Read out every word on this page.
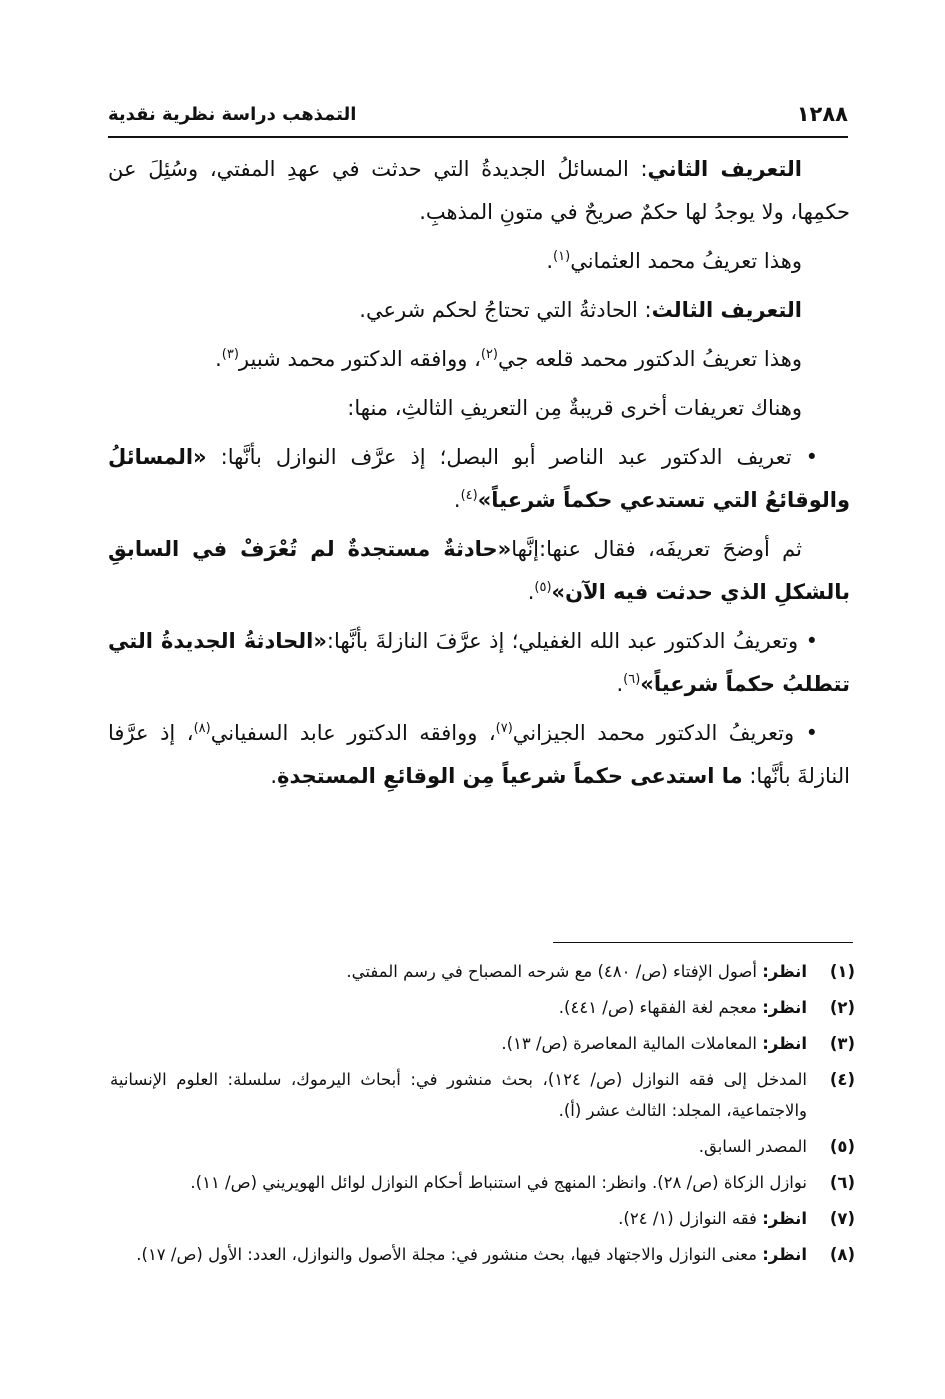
١٢٨٨
التمذهب دراسة نظرية نقدية

التعريف الثاني: المسائلُ الجديدةُ التي حدثت في عهدِ المفتي، وسُئِلَ عن حكمِها، ولا يوجدُ لها حكمٌ صريحٌ في متونِ المذهبِ.

وهذا تعريفُ محمد العثماني$^{(١)}$.

التعريف الثالث: الحادثةُ التي تحتاجُ لحكم شرعي.

وهذا تعريفُ الدكتور محمد قلعه جي$^{(٢)}$، ووافقه الدكتور محمد شبير$^{(٣)}$.

وهناك تعريفات أخرى قريبةٌ مِن التعريفِ الثالثِ، منها:

• تعريف الدكتور عبد الناصر أبو البصل؛ إذ عرَّف النوازل بأنَّها: «المسائلُ والوقائعُ التي تستدعي حكماً شرعياً»$^{(٤)}$.

ثم أوضحَ تعريفَه، فقال عنها:إنَّها«حادثةٌ مستجدةٌ لم تُعْرَفْ في السابقِ بالشكلِ الذي حدثت فيه الآن»$^{(٥)}$.

• وتعريفُ الدكتور عبد الله الغفيلي؛ إذ عرَّفَ النازلةَ بأنَّها:«الحادثةُ الجديدةُ التي تتطلبُ حكماً شرعياً»$^{(٦)}$.

• وتعريفُ الدكتور محمد الجيزاني$^{(٧)}$، ووافقه الدكتور عابد السفياني$^{(٨)}$، إذ عرَّفا النازلةَ بأنَّها: ما استدعى حكماً شرعياً مِن الوقائعِ المستجدةِ.

(١)
انظر: أصول الإفتاء (ص/ ٤٨٠) مع شرحه المصباح في رسم المفتي.
(٢)
انظر: معجم لغة الفقهاء (ص/ ٤٤١).
(٣)
انظر: المعاملات المالية المعاصرة (ص/ ١٣).
(٤)
المدخل إلى فقه النوازل (ص/ ١٢٤)، بحث منشور في: أبحاث اليرموك، سلسلة: العلوم الإنسانية والاجتماعية، المجلد: الثالث عشر (أ).
(٥)
المصدر السابق.
(٦)
نوازل الزكاة (ص/ ٢٨). وانظر: المنهج في استنباط أحكام النوازل لوائل الهويريني (ص/ ١١).
(٧)
انظر: فقه النوازل (١/ ٢٤).
(٨)
انظر: معنى النوازل والاجتهاد فيها، بحث منشور في: مجلة الأصول والنوازل، العدد: الأول (ص/ ١٧).
